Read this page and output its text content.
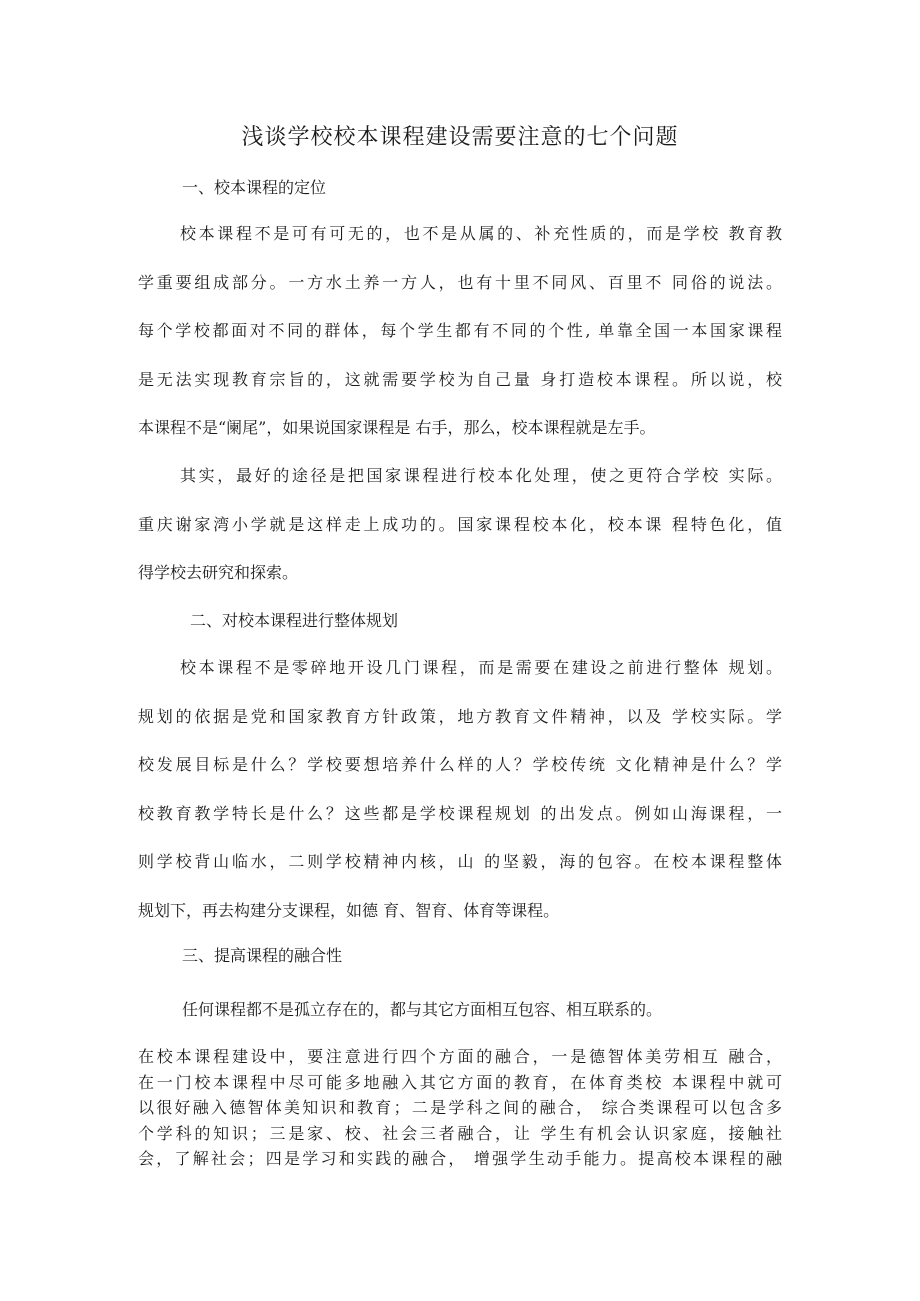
浅谈学校校本课程建设需要注意的七个问题
一、校本课程的定位
校本课程不是可有可无的，也不是从属的、补充性质的，而是学校 教育教
学重要组成部分。一方水土养一方人，也有十里不同风、百里不 同俗的说法。
每个学校都面对不同的群体，每个学生都有不同的个性, 单靠全国一本国家课程
是无法实现教育宗旨的，这就需要学校为自己量 身打造校本课程。所以说，校
本课程不是“阑尾”，如果说国家课程是 右手，那么，校本课程就是左手。
其实，最好的途径是把国家课程进行校本化处理，使之更符合学校 实际。
重庆谢家湾小学就是这样走上成功的。国家课程校本化，校本课 程特色化，值
得学校去研究和探索。
二、对校本课程进行整体规划
校本课程不是零碎地开设几门课程，而是需要在建设之前进行整体 规划。
规划的依据是党和国家教育方针政策，地方教育文件精神，以及 学校实际。学
校发展目标是什么？学校要想培养什么样的人？学校传统 文化精神是什么？学
校教育教学特长是什么？这些都是学校课程规划 的出发点。例如山海课程，一
则学校背山临水，二则学校精神内核，山 的坚毅，海的包容。在校本课程整体
规划下，再去构建分支课程，如德 育、智育、体育等课程。
三、提高课程的融合性
任何课程都不是孤立存在的，都与其它方面相互包容、相互联系的。
在校本课程建设中，要注意进行四个方面的融合，一是德智体美劳相互 融合，
在一门校本课程中尽可能多地融入其它方面的教育，在体育类校 本课程中就可
以很好融入德智体美知识和教育；二是学科之间的融合， 综合类课程可以包含多
个学科的知识；三是家、校、社会三者融合，让 学生有机会认识家庭，接触社
会，了解社会；四是学习和实践的融合， 增强学生动手能力。提高校本课程的融
